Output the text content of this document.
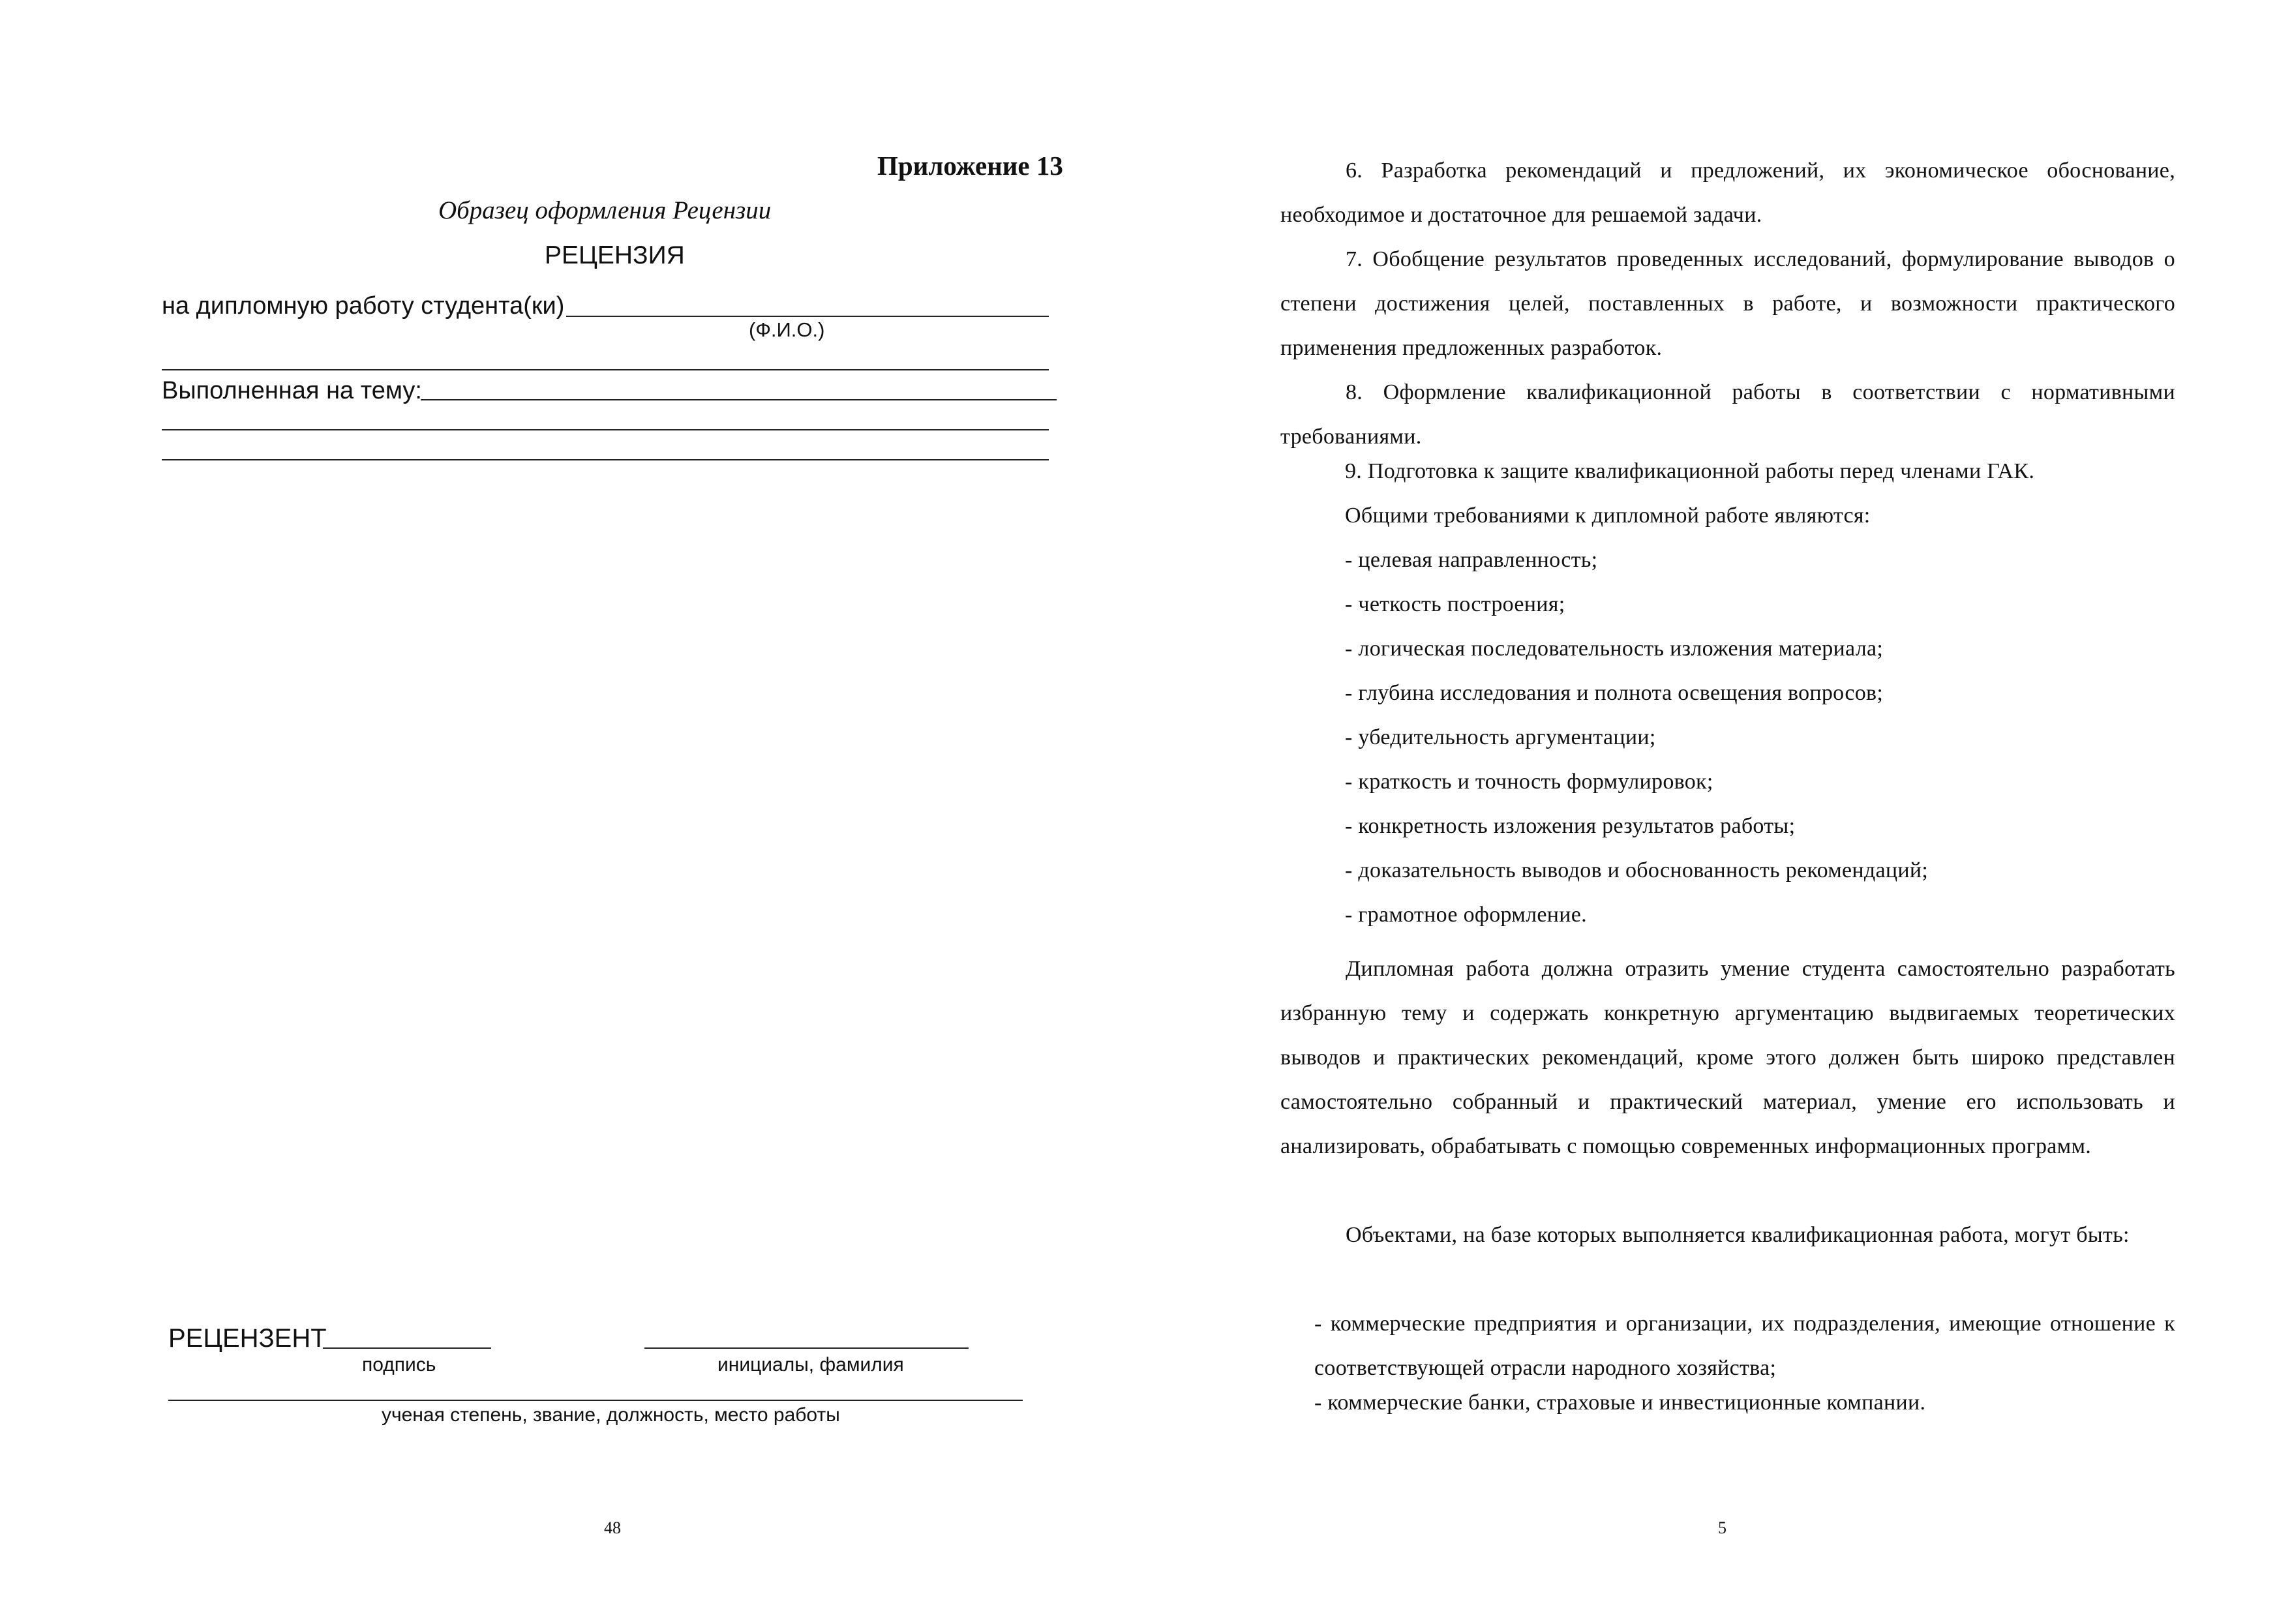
Приложение 13
Образец оформления Рецензии
РЕЦЕНЗИЯ
на дипломную работу студента(ки)
(Ф.И.О.)
Выполненная на тему:
РЕЦЕНЗЕНТ
подпись	инициалы, фамилия
ученая степень, звание, должность, место работы
48
6. Разработка рекомендаций и предложений, их экономическое обоснование, необходимое и достаточное для решаемой задачи.
7. Обобщение результатов проведенных исследований, формулирование выводов о степени достижения целей, поставленных в работе, и возможности практического применения предложенных разработок.
8. Оформление квалификационной работы в соответствии с нормативными требованиями.
9. Подготовка к защите квалификационной работы перед членами ГАК.
Общими требованиями к дипломной работе являются:
- целевая направленность;
- четкость построения;
- логическая последовательность изложения материала;
- глубина исследования и полнота освещения вопросов;
- убедительность аргументации;
- краткость и точность формулировок;
- конкретность изложения результатов работы;
- доказательность выводов и обоснованность рекомендаций;
- грамотное оформление.
Дипломная работа должна отразить умение студента самостоятельно разработать избранную тему и содержать конкретную аргументацию выдвигаемых теоретических выводов и практических рекомендаций, кроме этого должен быть широко представлен самостоятельно собранный и практический материал, умение его использовать и анализировать, обрабатывать с помощью современных информационных программ.
Объектами, на базе которых выполняется квалификационная работа, могут быть:
- коммерческие предприятия и организации, их подразделения, имеющие отношение к соответствующей отрасли народного хозяйства;
- коммерческие банки, страховые и инвестиционные компании.
5
